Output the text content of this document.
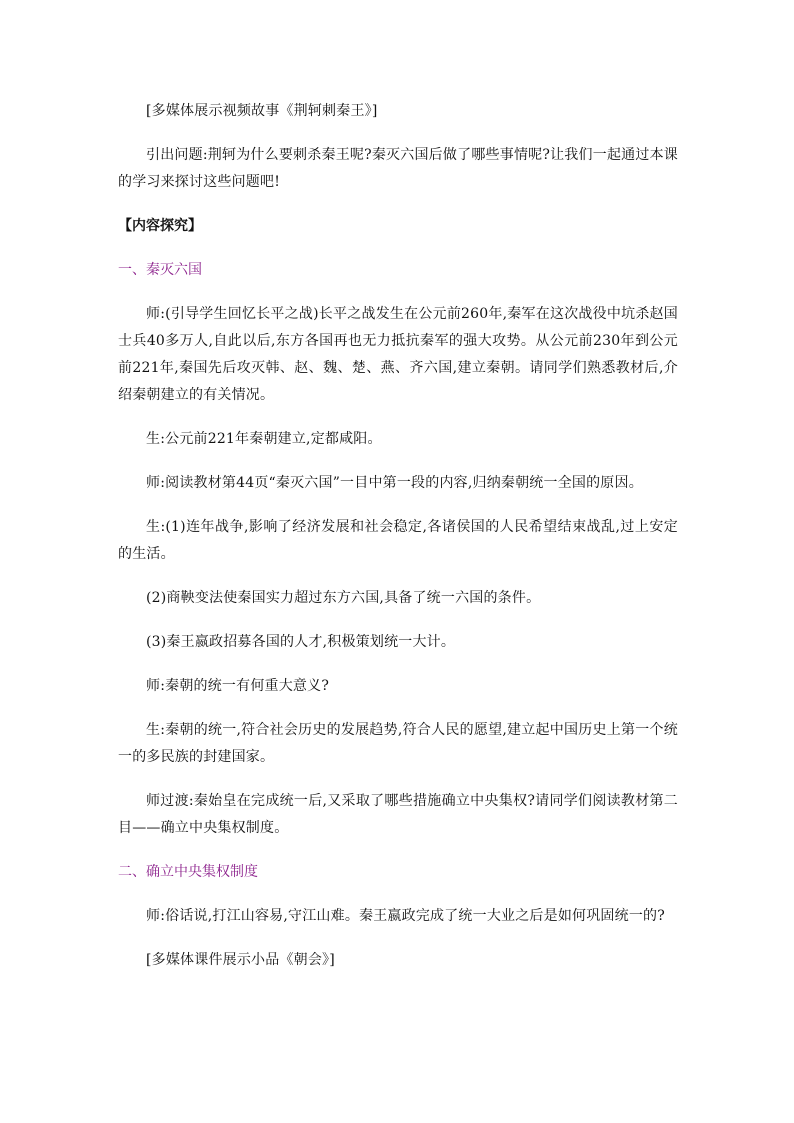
[多媒体展示视频故事《荆轲刺秦王》]

引出问题:荆轲为什么要刺杀秦王呢?秦灭六国后做了哪些事情呢?让我们一起通过本课的学习来探讨这些问题吧!

【内容探究】

一、秦灭六国

师:(引导学生回忆长平之战)长平之战发生在公元前260年,秦军在这次战役中坑杀赵国士兵40多万人,自此以后,东方各国再也无力抵抗秦军的强大攻势。从公元前230年到公元前221年,秦国先后攻灭韩、赵、魏、楚、燕、齐六国,建立秦朝。请同学们熟悉教材后,介绍秦朝建立的有关情况。

生:公元前221年秦朝建立,定都咸阳。

师:阅读教材第44页“秦灭六国”一目中第一段的内容,归纳秦朝统一全国的原因。

生:(1)连年战争,影响了经济发展和社会稳定,各诸侯国的人民希望结束战乱,过上安定的生活。

(2)商鞅变法使秦国实力超过东方六国,具备了统一六国的条件。

(3)秦王嬴政招募各国的人才,积极策划统一大计。

师:秦朝的统一有何重大意义?

生:秦朝的统一,符合社会历史的发展趋势,符合人民的愿望,建立起中国历史上第一个统一的多民族的封建国家。

师过渡:秦始皇在完成统一后,又采取了哪些措施确立中央集权?请同学们阅读教材第二目——确立中央集权制度。

二、确立中央集权制度

师:俗话说,打江山容易,守江山难。秦王嬴政完成了统一大业之后是如何巩固统一的?

[多媒体课件展示小品《朝会》]
